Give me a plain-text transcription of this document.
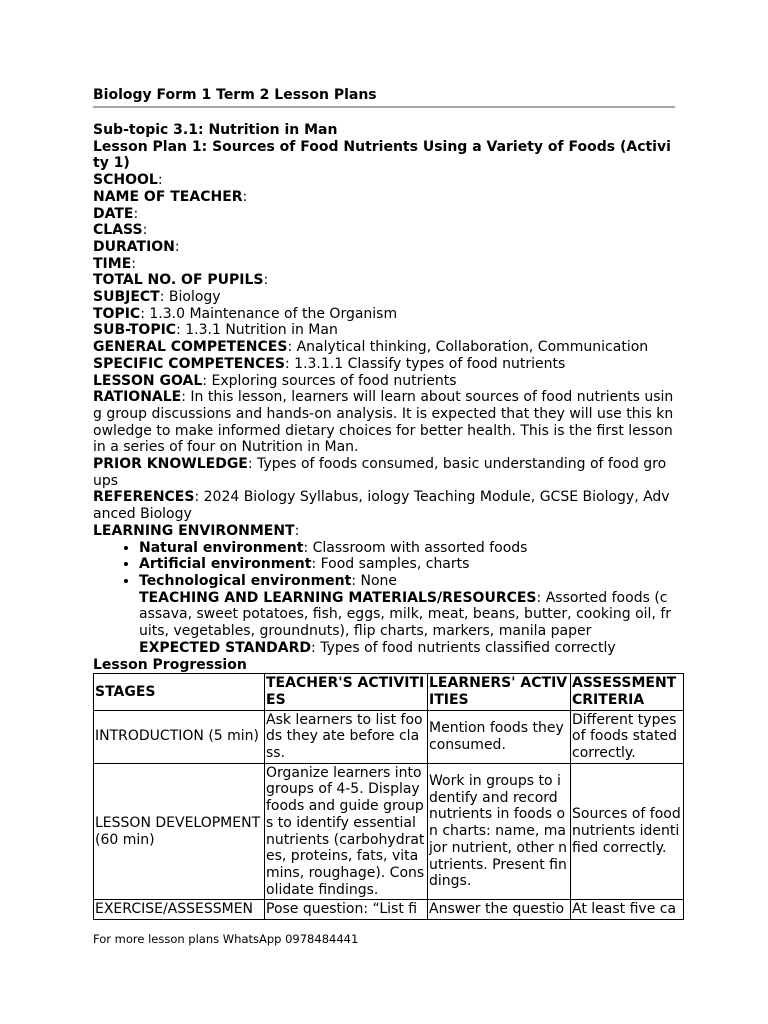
Biology Form 1 Term 2 Lesson Plans

Sub-topic 3.1: Nutrition in Man

Lesson Plan 1: Sources of Food Nutrients Using a Variety of Foods (Activity 1)

SCHOOL:

NAME OF TEACHER:

DATE:

CLASS:

DURATION:

TIME:

TOTAL NO. OF PUPILS:

SUBJECT: Biology

TOPIC: 1.3.0 Maintenance of the Organism

SUB-TOPIC: 1.3.1 Nutrition in Man

GENERAL COMPETENCES: Analytical thinking, Collaboration, Communication

SPECIFIC COMPETENCES: 1.3.1.1 Classify types of food nutrients

LESSON GOAL: Exploring sources of food nutrients

RATIONALE: In this lesson, learners will learn about sources of food nutrients using group discussions and hands-on analysis. It is expected that they will use this knowledge to make informed dietary choices for better health. This is the first lesson in a series of four on Nutrition in Man.

PRIOR KNOWLEDGE: Types of foods consumed, basic understanding of food groups

REFERENCES: 2024 Biology Syllabus, iology Teaching Module, GCSE Biology, Advanced Biology

LEARNING ENVIRONMENT:

• Natural environment: Classroom with assorted foods
• Artificial environment: Food samples, charts
• Technological environment: None

TEACHING AND LEARNING MATERIALS/RESOURCES: Assorted foods (cassava, sweet potatoes, fish, eggs, milk, meat, beans, butter, cooking oil, fruits, vegetables, groundnuts), flip charts, markers, manila paper

EXPECTED STANDARD: Types of food nutrients classified correctly

Lesson Progression

STAGES	TEACHER'S ACTIVITIES	LEARNERS' ACTIVITIES	ASSESSMENT CRITERIA
INTRODUCTION (5 min)	Ask learners to list foods they ate before class.	Mention foods they consumed.	Different types of foods stated correctly.
LESSON DEVELOPMENT (60 min)	Organize learners into groups of 4-5. Display foods and guide groups to identify essential nutrients (carbohydrates, proteins, fats, vitamins, roughage). Consolidate findings.	Work in groups to identify and record nutrients in foods on charts: name, major nutrient, other nutrients. Present findings.	Sources of food nutrients identified correctly.
EXERCISE/ASSESSMEN	Pose question: “List fi	Answer the questio	At least five ca
For more lesson plans WhatsApp 0978484441
